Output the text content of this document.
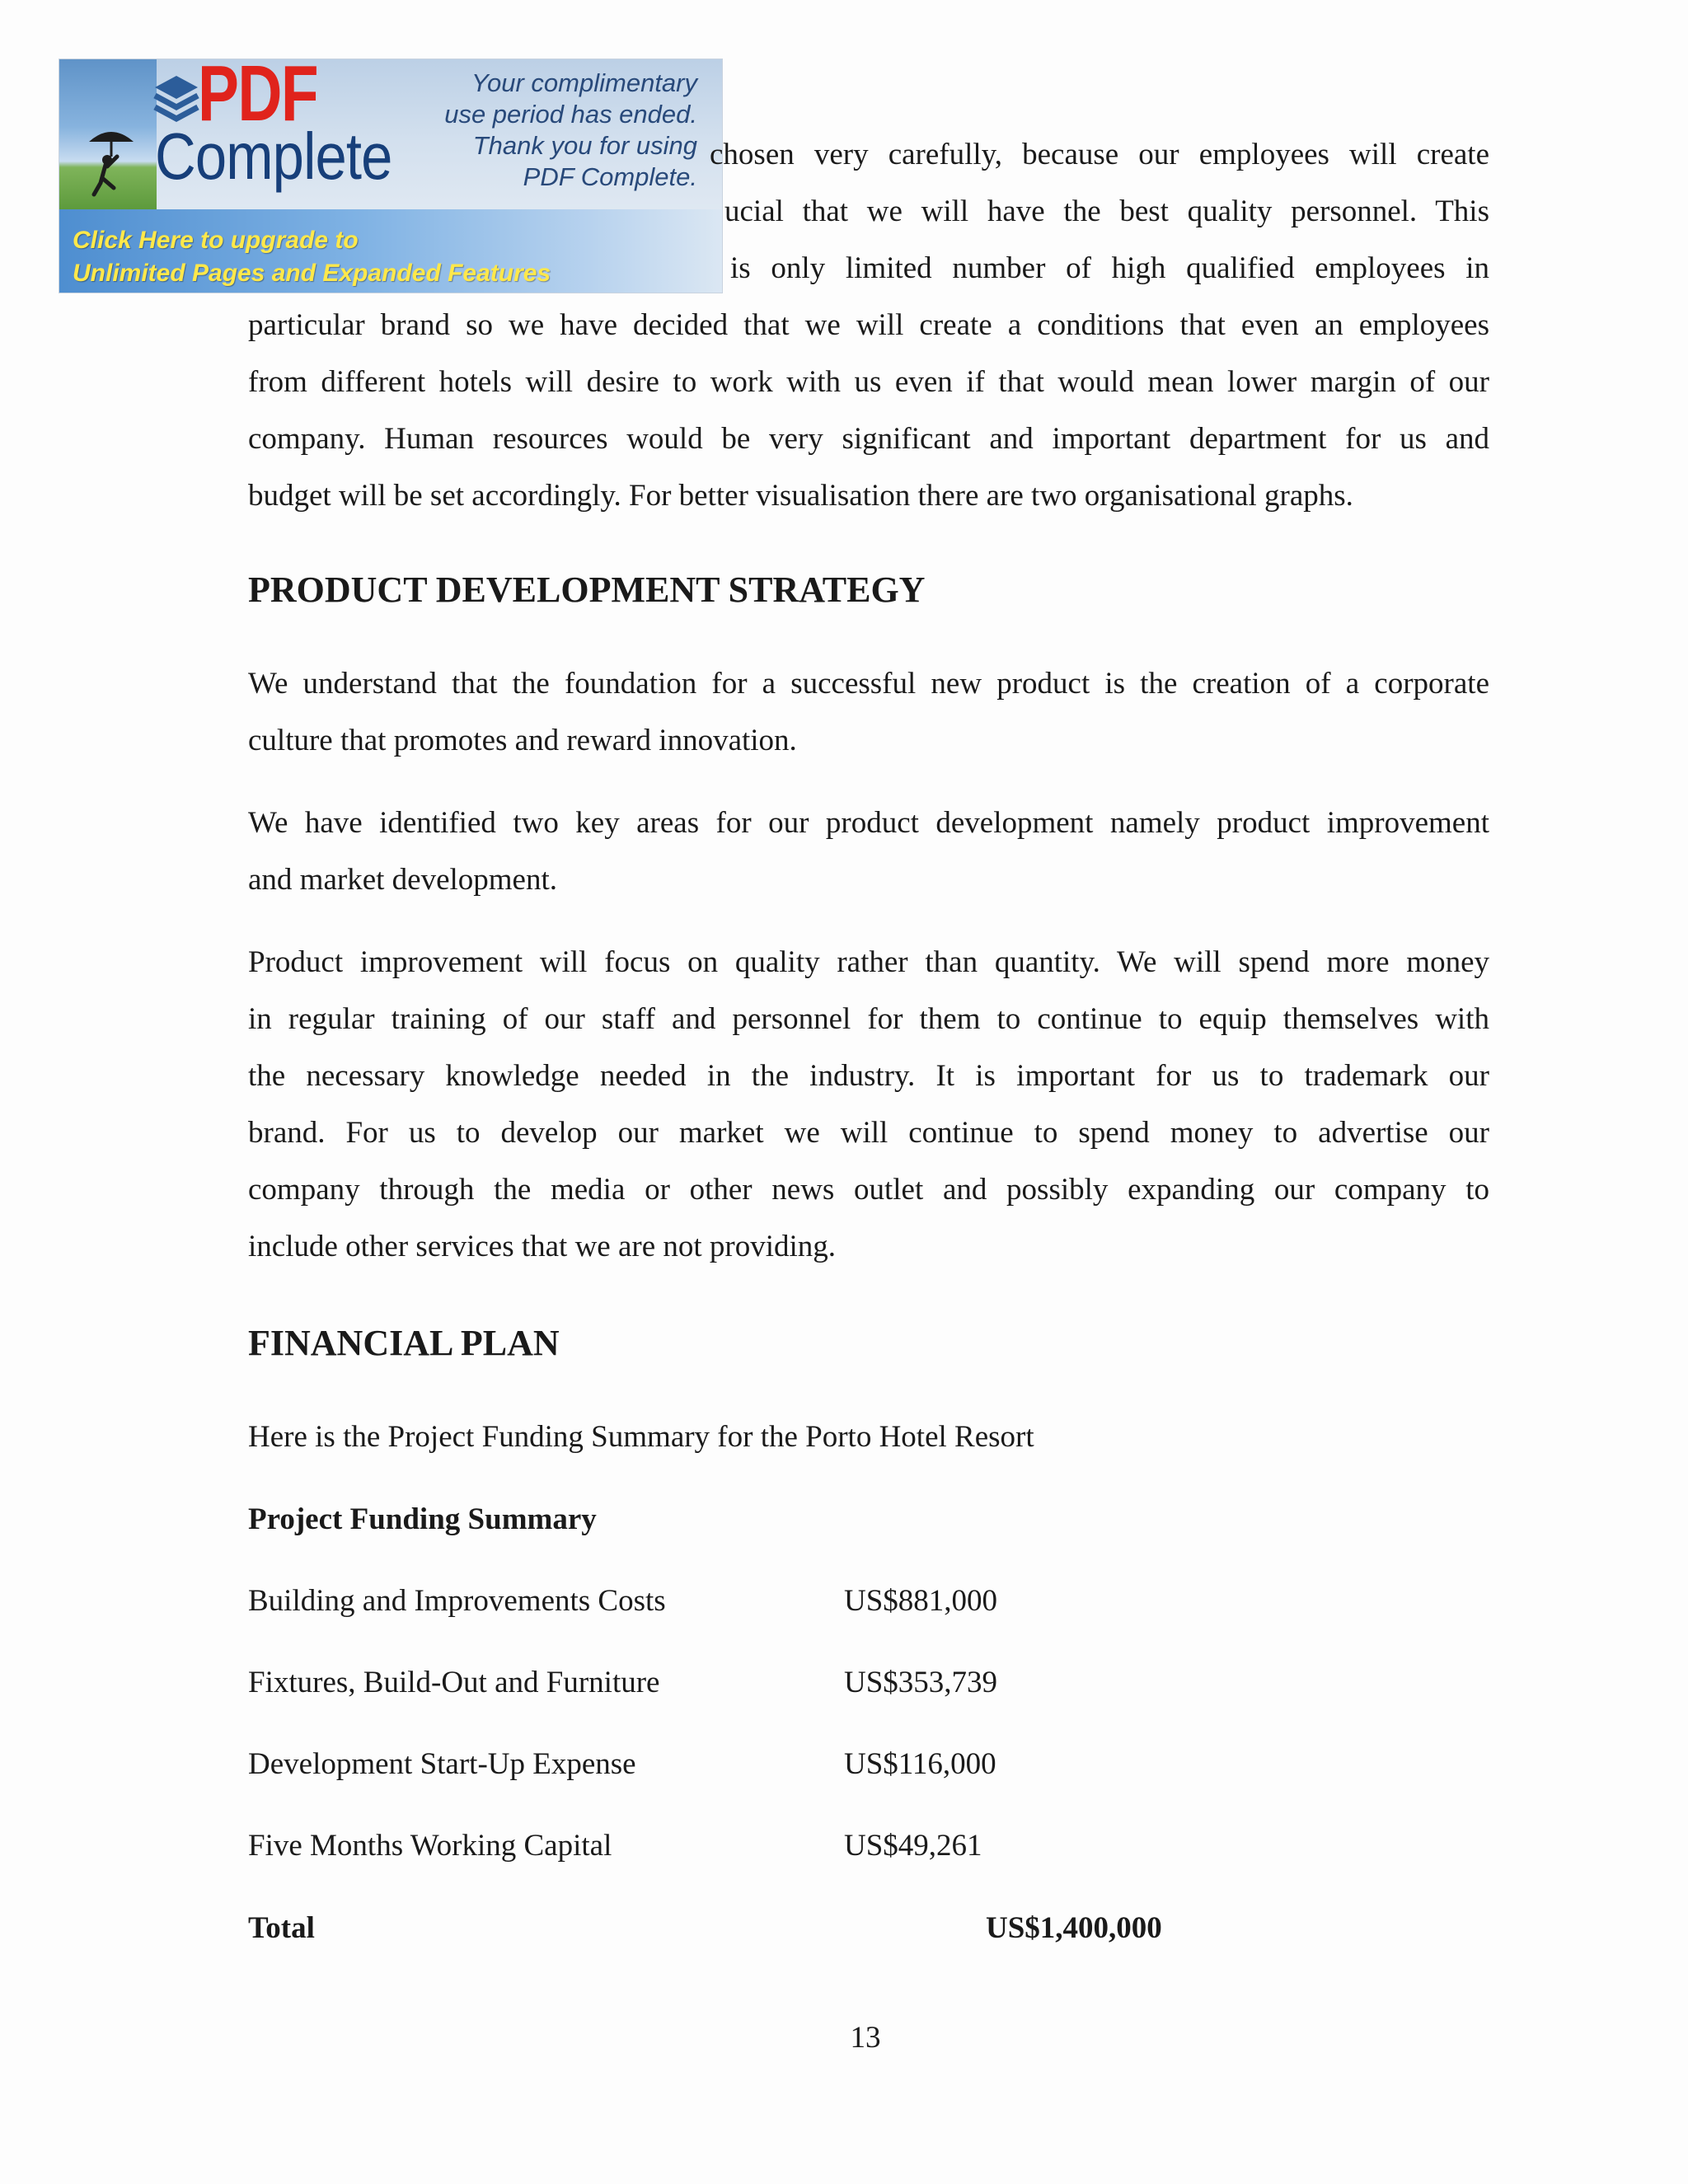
PDF
Complete
Your complimentary
use period has ended.
Thank you for using
PDF Complete.
Click Here to upgrade to
Unlimited Pages and Expanded Features
chosen very carefully, because our employees will create
ucial that we will have the best quality personnel. This
is only limited number of high qualified employees in
particular brand so we have decided that we will create a conditions that even an employees
from different hotels will desire to work with us even if that would mean lower margin of our
company. Human resources would be very significant and important department for us and
budget will be set accordingly. For better visualisation there are two organisational graphs.
PRODUCT DEVELOPMENT STRATEGY
We understand that the foundation for a successful new product is the creation of a corporate
culture that promotes and reward innovation.
We have identified two key areas for our product development namely product improvement
and market development.
Product improvement will focus on quality rather than quantity. We will spend more money
in regular training of our staff and personnel for them to continue to equip themselves with
the necessary knowledge needed in the industry. It is important for us to trademark our
brand. For us to develop our market we will continue to spend money to advertise our
company through the media or other news outlet and possibly expanding our company to
include other services that we are not providing.
FINANCIAL PLAN
Here is the Project Funding Summary for the Porto Hotel Resort
Project Funding Summary
Building and Improvements Costs	US$881,000
Fixtures, Build-Out and Furniture	US$353,739
Development Start-Up Expense	US$116,000
Five Months Working Capital	US$49,261
Total	US$1,400,000
13
